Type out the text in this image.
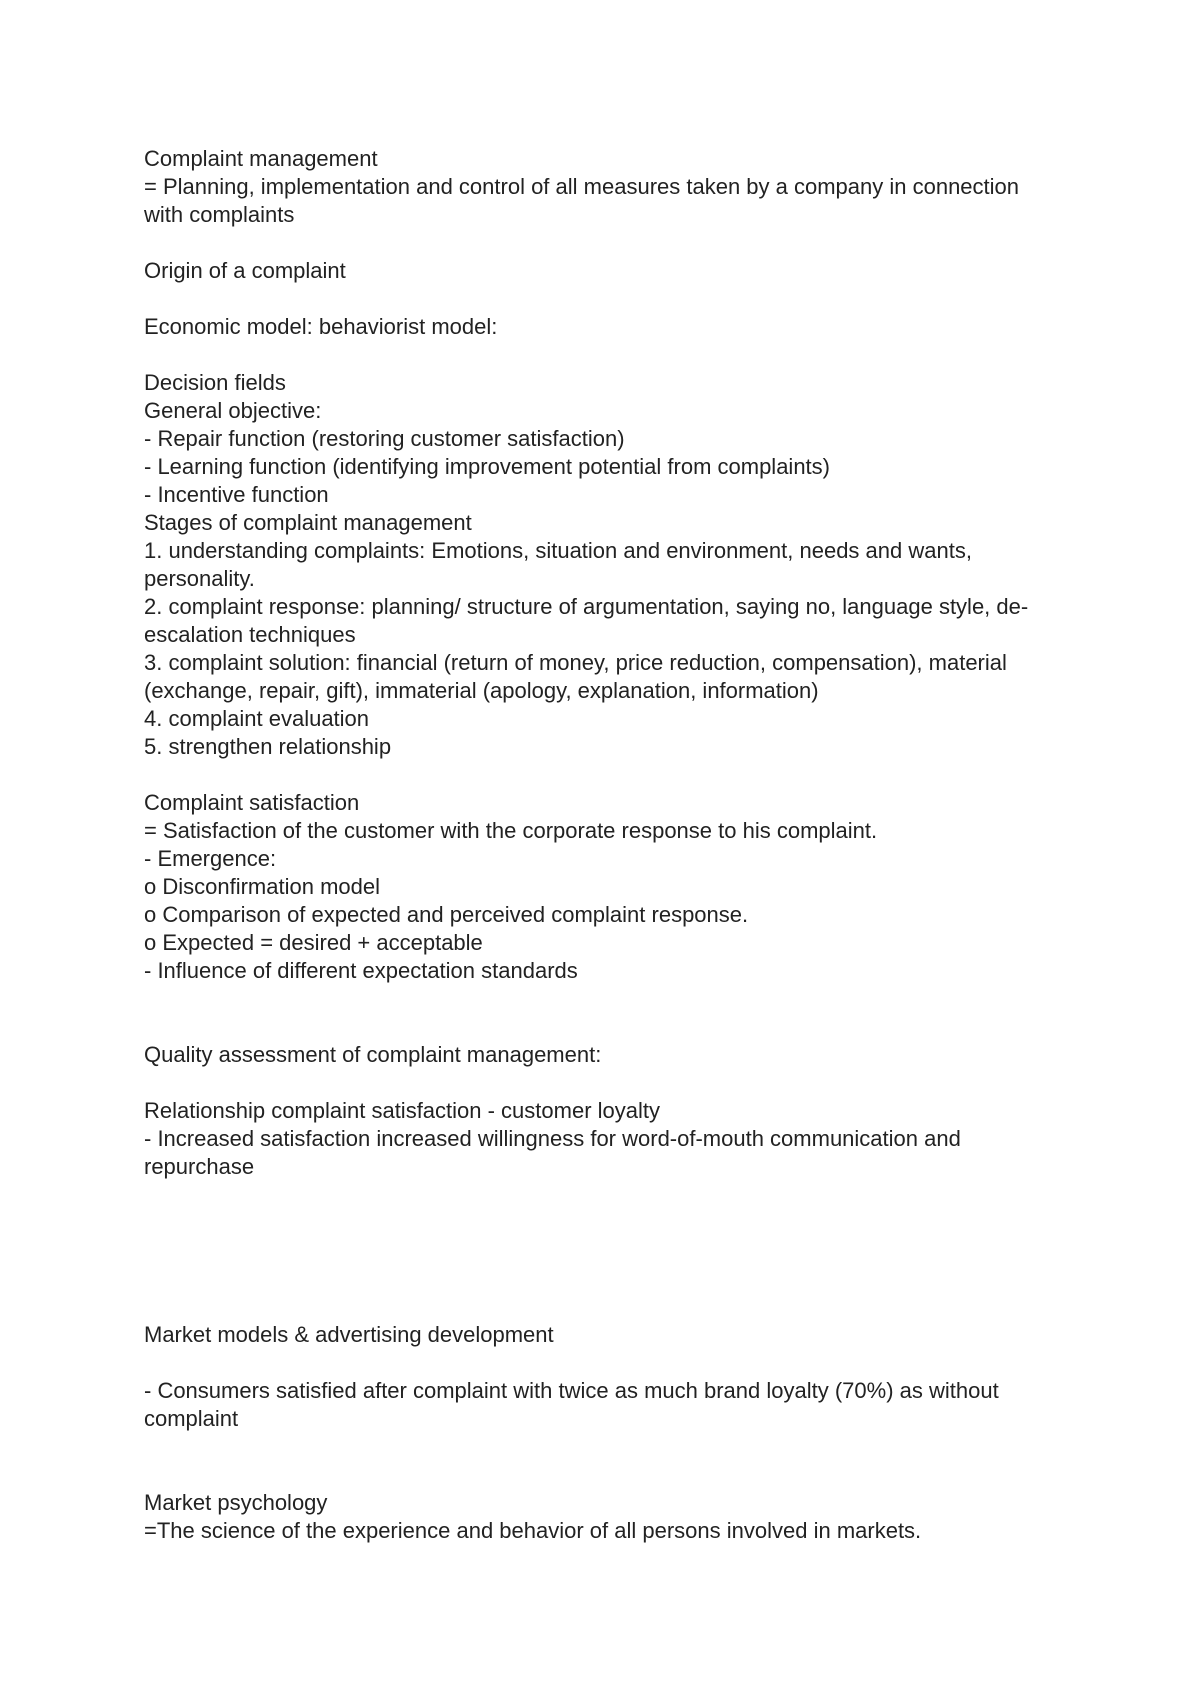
Complaint management
= Planning, implementation and control of all measures taken by a company in connection with complaints
Origin of a complaint
Economic model: behaviorist model:
Decision fields
General objective:
- Repair function (restoring customer satisfaction)
- Learning function (identifying improvement potential from complaints)
- Incentive function
Stages of complaint management
1. understanding complaints: Emotions, situation and environment, needs and wants, personality.
2. complaint response: planning/ structure of argumentation, saying no, language style, de-escalation techniques
3. complaint solution: financial (return of money, price reduction, compensation), material (exchange, repair, gift), immaterial (apology, explanation, information)
4. complaint evaluation
5. strengthen relationship
Complaint satisfaction
= Satisfaction of the customer with the corporate response to his complaint.
- Emergence:
o Disconfirmation model
o Comparison of expected and perceived complaint response.
o Expected = desired + acceptable
- Influence of different expectation standards
Quality assessment of complaint management:
Relationship complaint satisfaction - customer loyalty
- Increased satisfaction increased willingness for word-of-mouth communication and repurchase
Market models & advertising development
- Consumers satisfied after complaint with twice as much brand loyalty (70%) as without complaint
Market psychology
=The science of the experience and behavior of all persons involved in markets.
